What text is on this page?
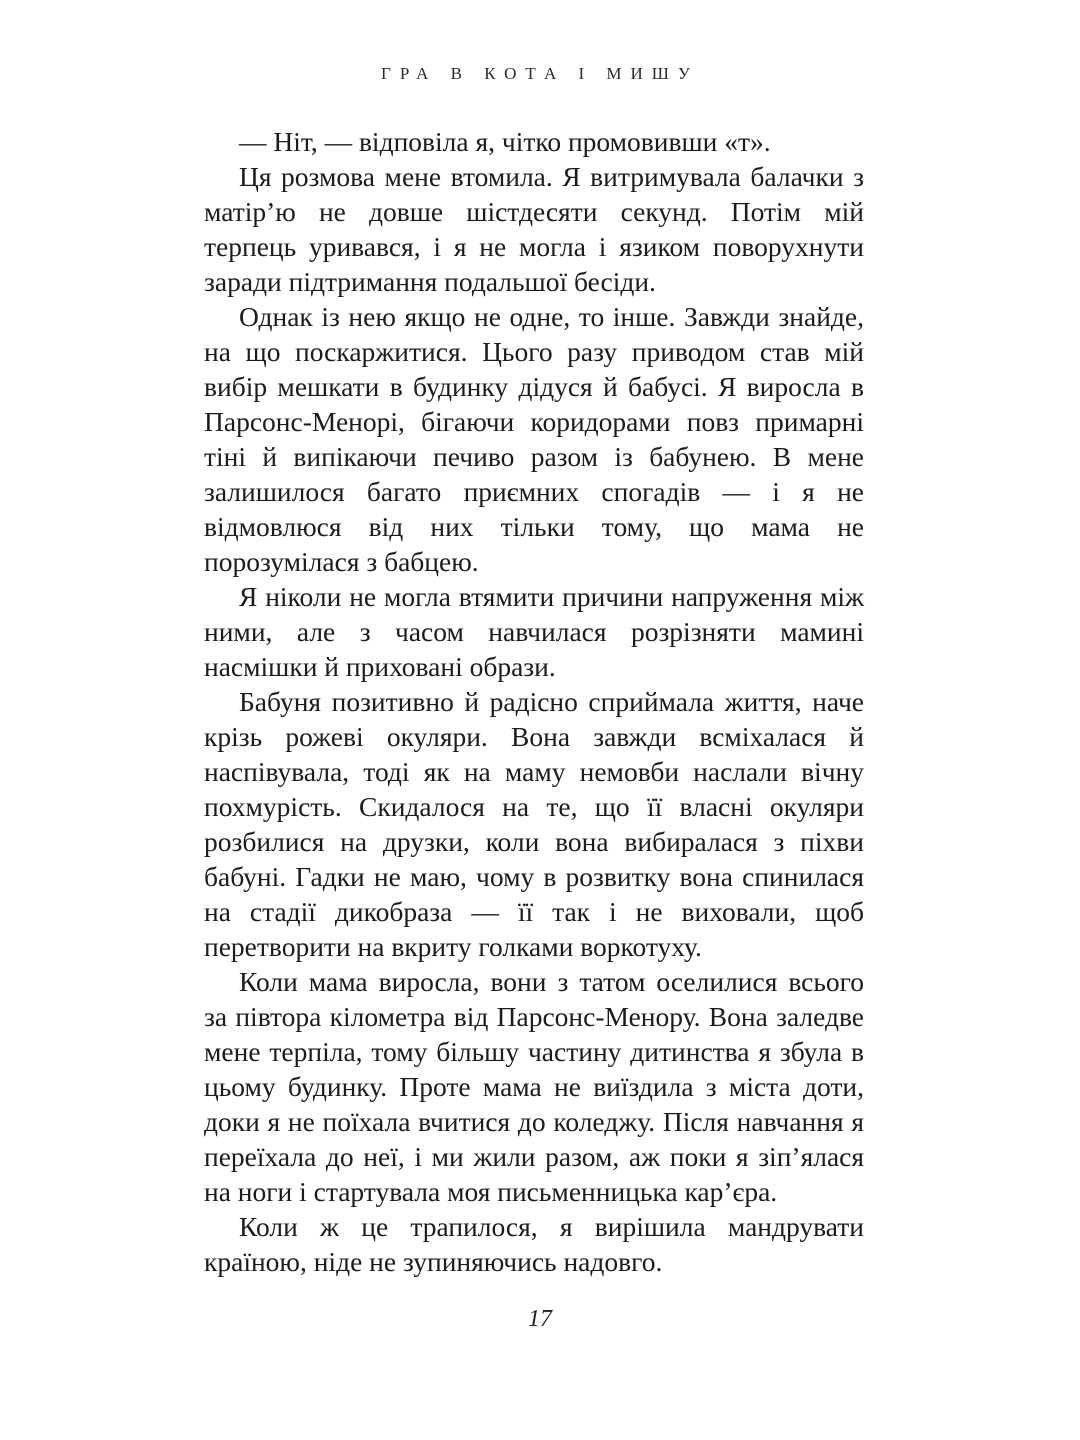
ГРА В КОТА І МИШУ

— Ніт, — відповіла я, чітко промовивши «т».

Ця розмова мене втомила. Я витримувала балачки з матір’ю не довше шістдесяти секунд. Потім мій терпець уривався, і я не могла і язиком поворухнути заради підтримання подальшої бесіди.

Однак із нею якщо не одне, то інше. Завжди знайде, на що поскаржитися. Цього разу приводом став мій вибір мешкати в будинку дідуся й бабусі. Я виросла в Парсонс-Менорі, бігаючи коридорами повз примарні тіні й випікаючи печиво разом із бабунею. В мене залишилося багато приємних спогадів — і я не відмовлюся від них тільки тому, що мама не порозумілася з бабцею.

Я ніколи не могла втямити причини напруження між ними, але з часом навчилася розрізняти мамині насмішки й приховані образи.

Бабуня позитивно й радісно сприймала життя, наче крізь рожеві окуляри. Вона завжди всміхалася й наспівувала, тоді як на маму немовби наслали вічну похмурість. Скидалося на те, що її власні окуляри розбилися на друзки, коли вона вибиралася з піхви бабуні. Гадки не маю, чому в розвитку вона спинилася на стадії дикобраза — її так і не виховали, щоб перетворити на вкриту голками воркотуху.

Коли мама виросла, вони з татом оселилися всього за півтора кілометра від Парсонс-Менору. Вона заледве мене терпіла, тому більшу частину дитинства я збула в цьому будинку. Проте мама не виїздила з міста доти, доки я не поїхала вчитися до коледжу. Після навчання я переїхала до неї, і ми жили разом, аж поки я зіп’ялася на ноги і стартувала моя письменницька кар’єра.

Коли ж це трапилося, я вирішила мандрувати країною, ніде не зупиняючись надовго.

17
